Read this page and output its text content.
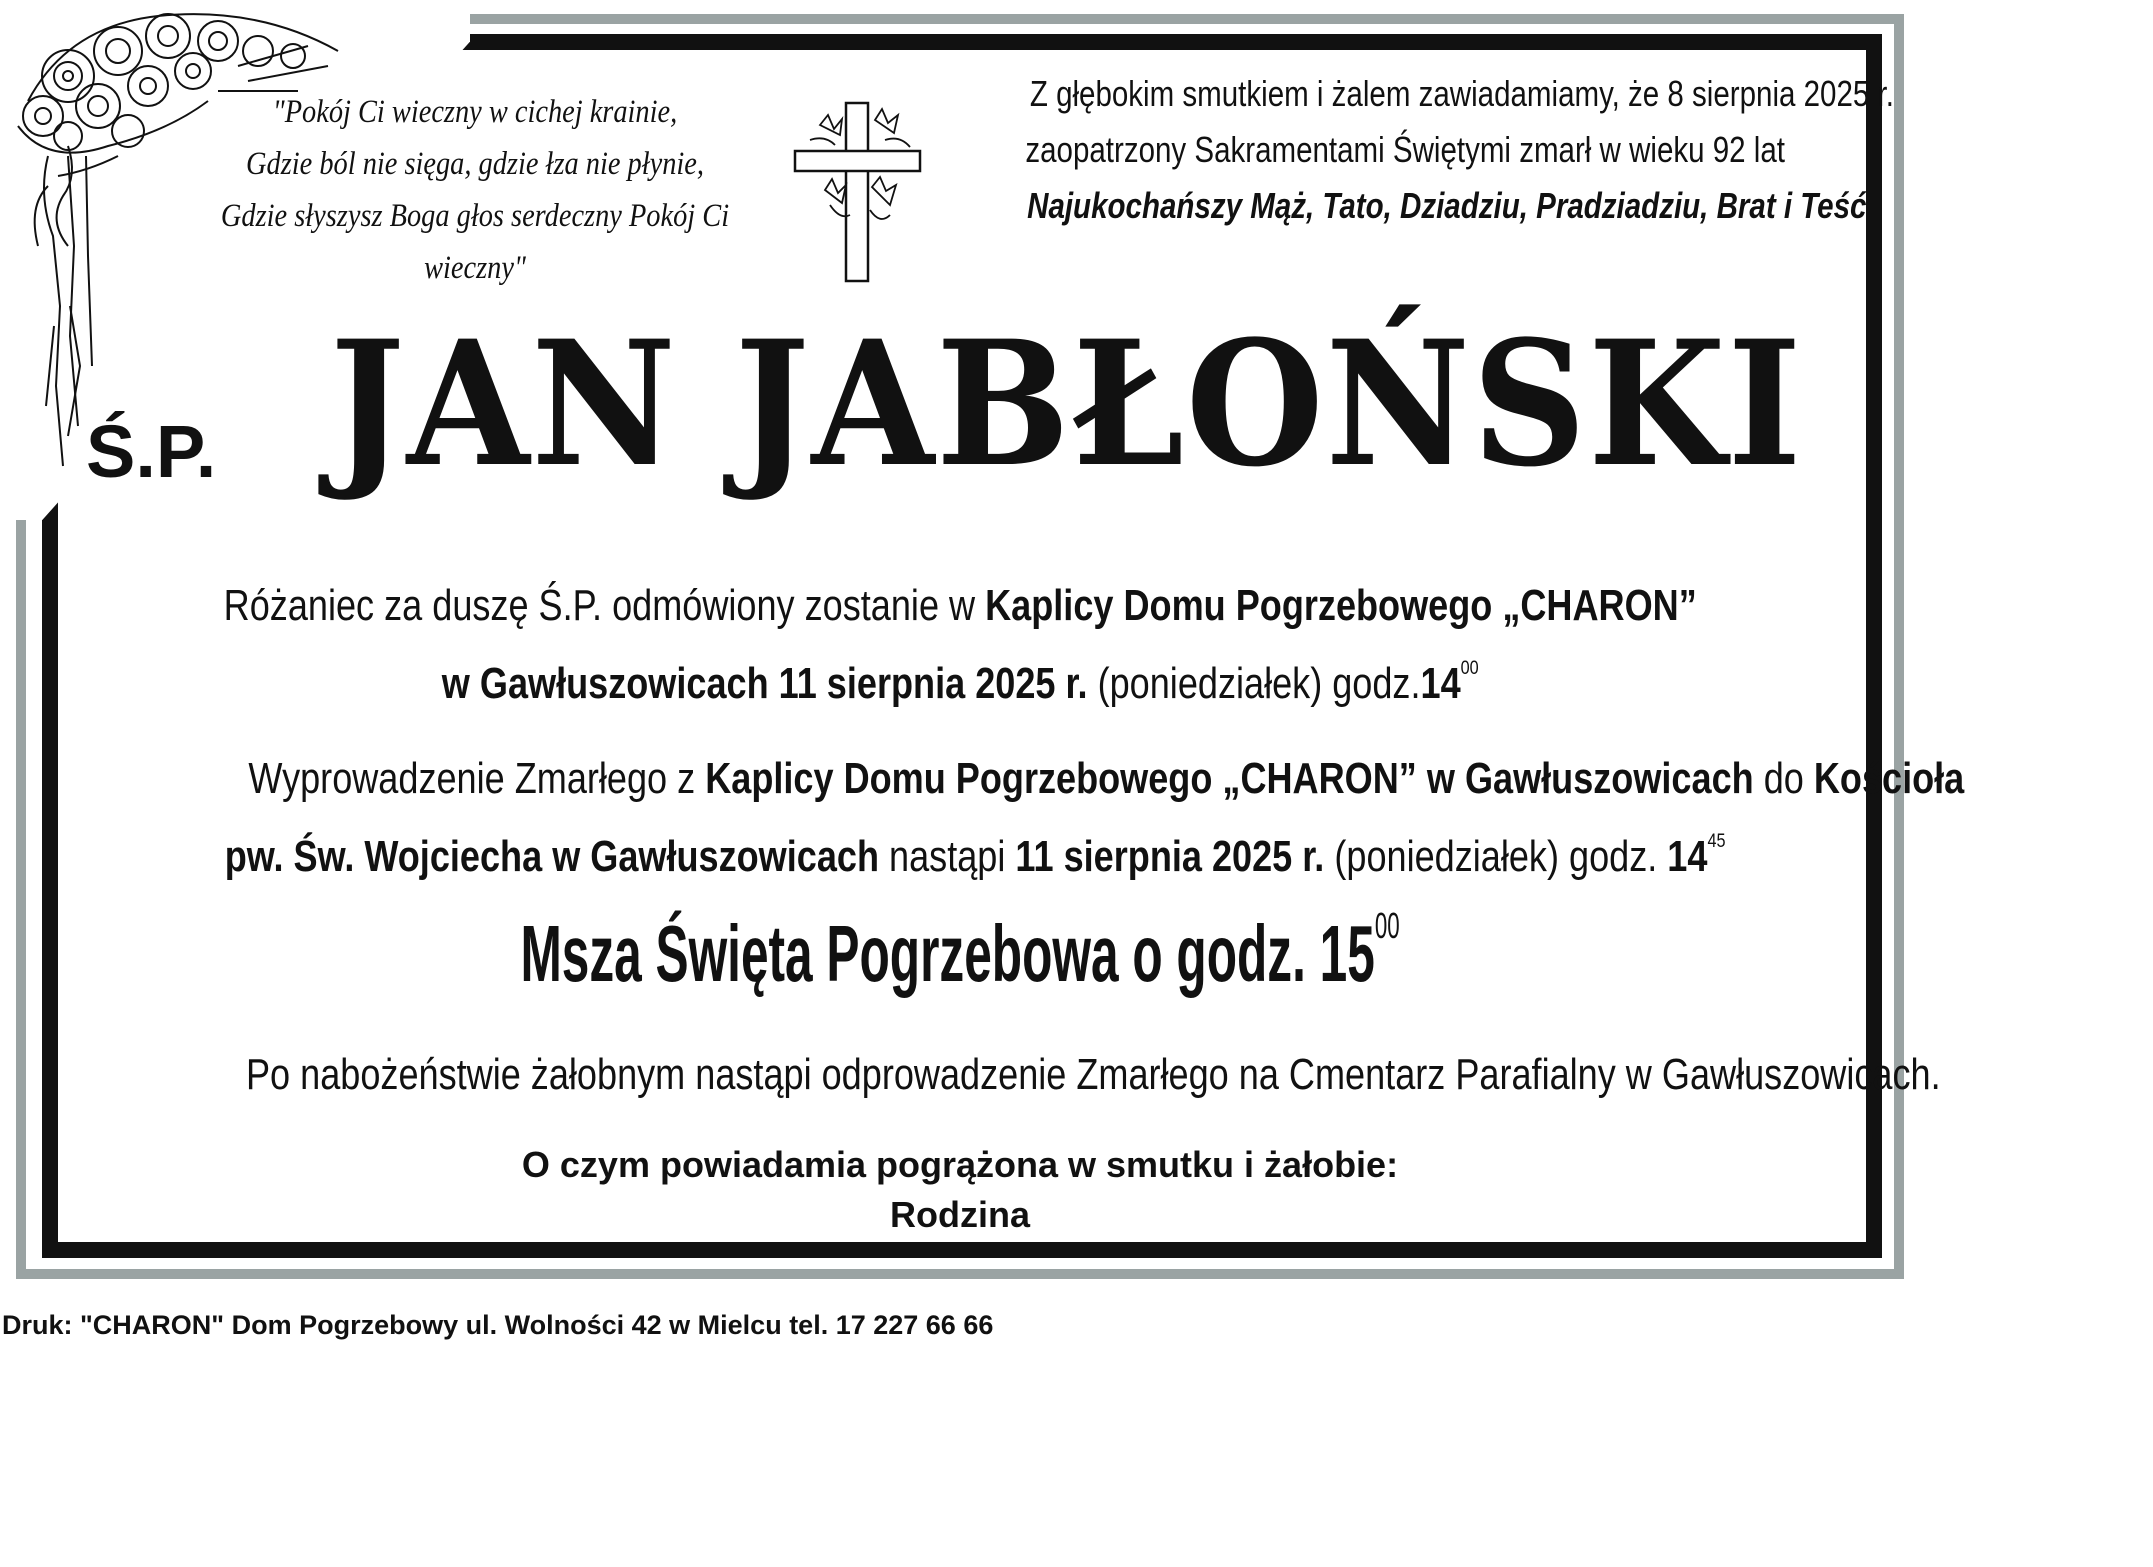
"Pokój Ci wieczny w cichej krainie,
Gdzie ból nie sięga, gdzie łza nie płynie,
Gdzie słyszysz Boga głos serdeczny Pokój Ci wieczny"
Z głębokim smutkiem i żalem zawiadamiamy, że 8 sierpnia 2025 r.
zaopatrzony Sakramentami Świętymi zmarł w wieku 92 lat
Najukochańszy Mąż, Tato, Dziadziu, Pradziadziu, Brat i Teść
Ś.P. JAN JABŁOŃSKI
Różaniec za duszę Ś.P. odmówiony zostanie w Kaplicy Domu Pogrzebowego „CHARON”
w Gawłuszowicach 11 sierpnia 2025 r. (poniedziałek) $godz.14^{00}$
Wyprowadzenie Zmarłego z Kaplicy Domu Pogrzebowego „CHARON” w Gawłuszowicach do Kościoła
pw. Św. Wojciecha w Gawłuszowicach nastąpi 11 sierpnia 2025 r. (poniedziałek) godz. $14^{45}$
Msza Święta Pogrzebowa o godz. $15^{00}$
Po nabożeństwie żałobnym nastąpi odprowadzenie Zmarłego na Cmentarz Parafialny w Gawłuszowicach.
O czym powiadamia pogrążona w smutku i żałobie:
Rodzina
Druk: "CHARON" Dom Pogrzebowy ul. Wolności 42 w Mielcu tel. 17 227 66 66
